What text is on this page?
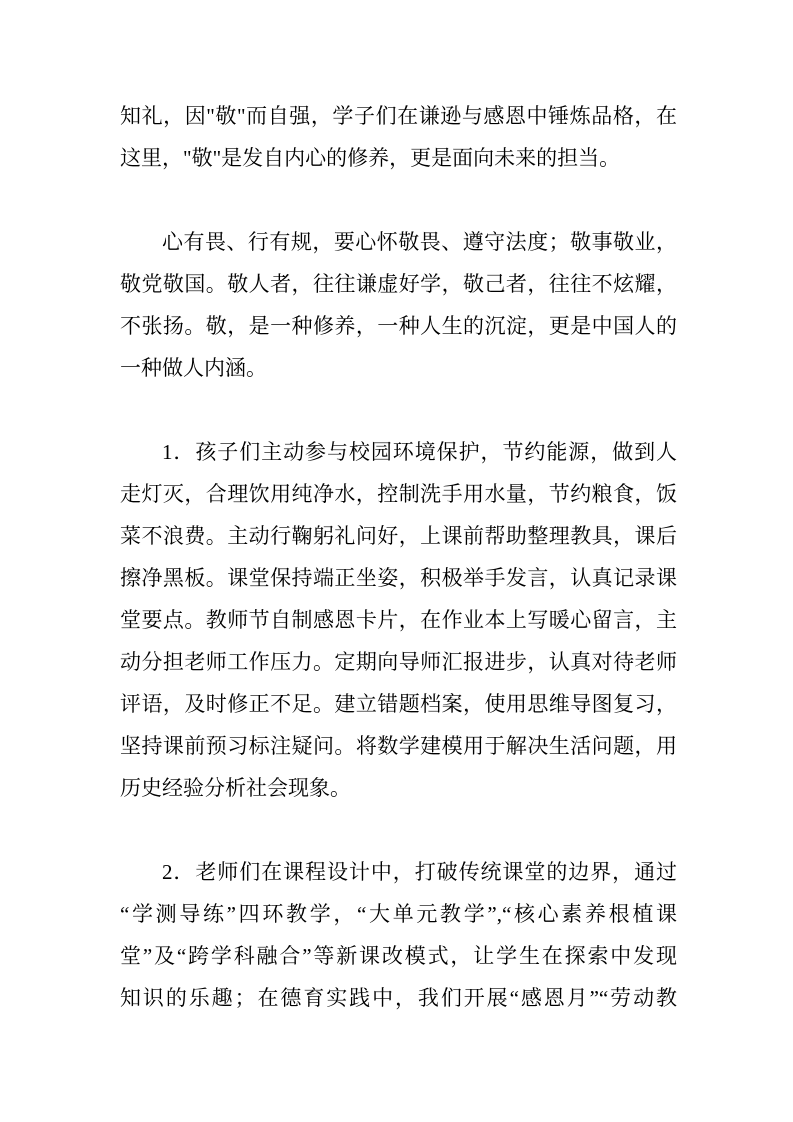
知礼，因"敬"而自强，学子们在谦逊与感恩中锤炼品格，在
这里，"敬"是发自内心的修养，更是面向未来的担当。
心有畏、行有规，要心怀敬畏、遵守法度；敬事敬业，
敬党敬国。敬人者，往往谦虚好学，敬己者，往往不炫耀，
不张扬。敬，是一种修养，一种人生的沉淀，更是中国人的
一种做人内涵。
1．孩子们主动参与校园环境保护，节约能源，做到人
走灯灭，合理饮用纯净水，控制洗手用水量，节约粮食，饭
菜不浪费。主动行鞠躬礼问好，上课前帮助整理教具，课后
擦净黑板。课堂保持端正坐姿，积极举手发言，认真记录课
堂要点。教师节自制感恩卡片，在作业本上写暖心留言，主
动分担老师工作压力。定期向导师汇报进步，认真对待老师
评语，及时修正不足。建立错题档案，使用思维导图复习，
坚持课前预习标注疑问。将数学建模用于解决生活问题，用
历史经验分析社会现象。
2．老师们在课程设计中，打破传统课堂的边界，通过
“学测导练”四环教学，“大单元教学”,“核心素养根植课
堂”及“跨学科融合”等新课改模式，让学生在探索中发现
知识的乐趣；在德育实践中，我们开展“感恩月”“劳动教
